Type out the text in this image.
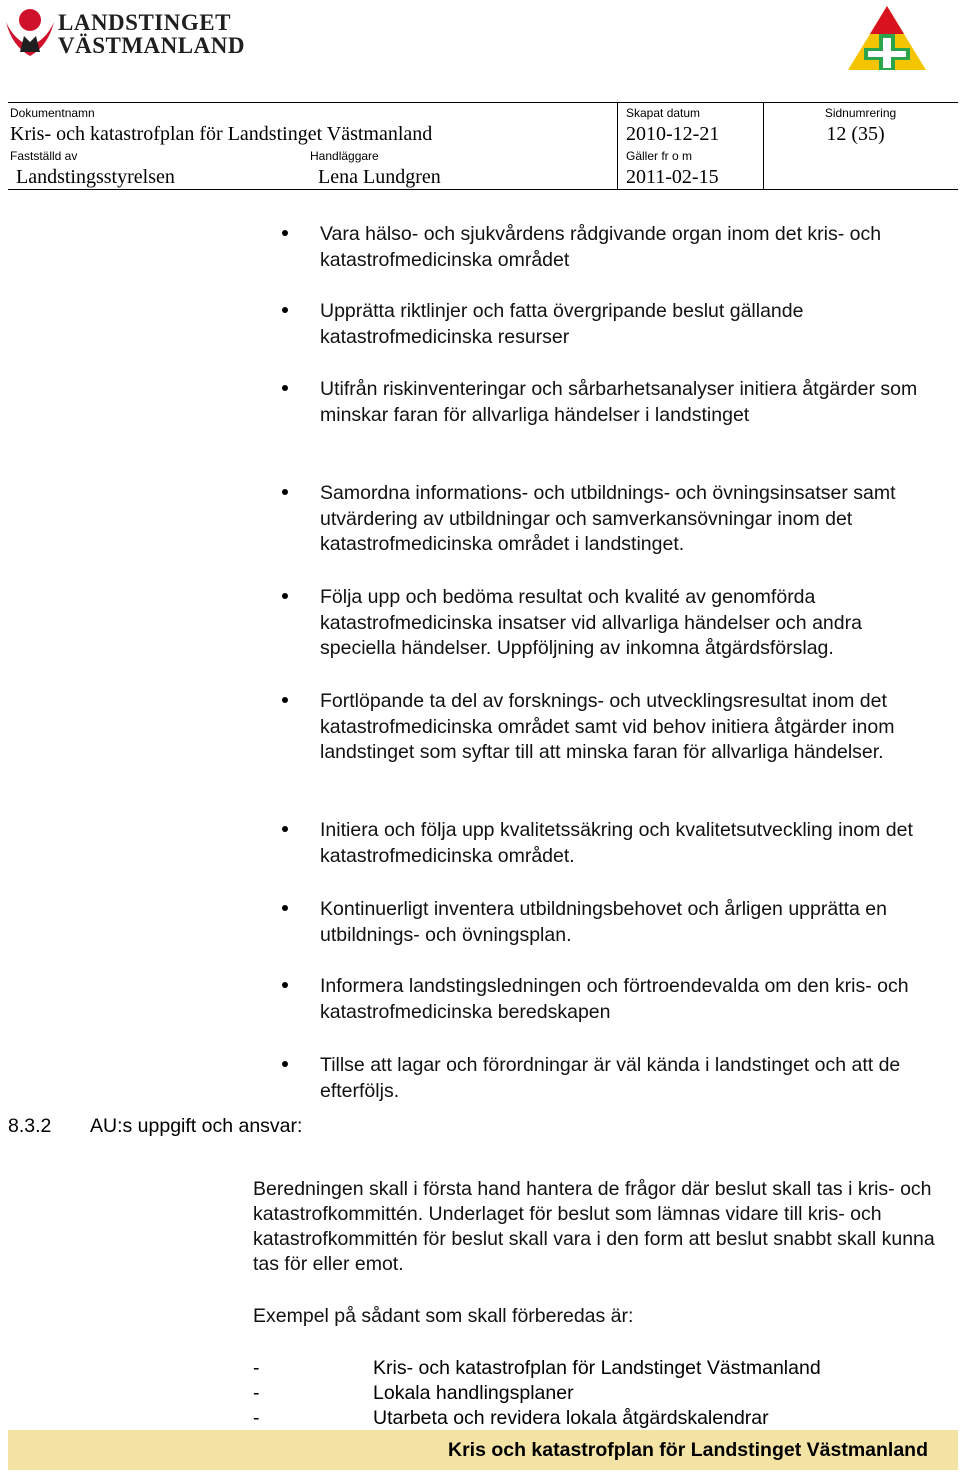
LANDSTINGET
VÄSTMANLAND
Dokumentnamn
Kris- och katastrofplan för Landstinget Västmanland
Skapat datum
2010-12-21
Sidnumrering
12 (35)
Fastställd av
Landstingsstyrelsen
Handläggare
Lena Lundgren
Gäller fr o m
2011-02-15
Vara hälso- och sjukvårdens rådgivande organ inom det kris- och katastrofmedicinska området
Upprätta riktlinjer och fatta övergripande beslut gällande katastrofmedicinska resurser
Utifrån riskinventeringar och sårbarhetsanalyser initiera åtgärder som minskar faran för allvarliga händelser i landstinget
Samordna informations- och utbildnings- och övningsinsatser samt utvärdering av utbildningar och samverkansövningar inom det katastrofmedicinska området i landstinget.
Följa upp och bedöma resultat och kvalité av genomförda katastrofmedicinska insatser vid allvarliga händelser och andra speciella händelser. Uppföljning av inkomna åtgärdsförslag.
Fortlöpande ta del av forsknings- och utvecklingsresultat inom det katastrofmedicinska området samt vid behov initiera åtgärder inom landstinget som syftar till att minska faran för allvarliga händelser.
Initiera och följa upp kvalitetssäkring och kvalitetsutveckling inom det katastrofmedicinska området.
Kontinuerligt inventera utbildningsbehovet och årligen upprätta en utbildnings- och övningsplan.
Informera landstingsledningen och förtroendevalda om den kris- och katastrofmedicinska beredskapen
Tillse att lagar och förordningar är väl kända i landstinget och att de efterföljs.
8.3.2 AU:s uppgift och ansvar:
Beredningen skall i första hand hantera de frågor där beslut skall tas i kris- och katastrofkommittén. Underlaget för beslut som lämnas vidare till kris- och katastrofkommittén för beslut skall vara i den form att beslut snabbt skall kunna tas för eller emot.
Exempel på sådant som skall förberedas är:
-	Kris- och katastrofplan för Landstinget Västmanland
-	Lokala handlingsplaner
-	Utarbeta och revidera lokala åtgärdskalendrar
Kris och katastrofplan för Landstinget Västmanland
